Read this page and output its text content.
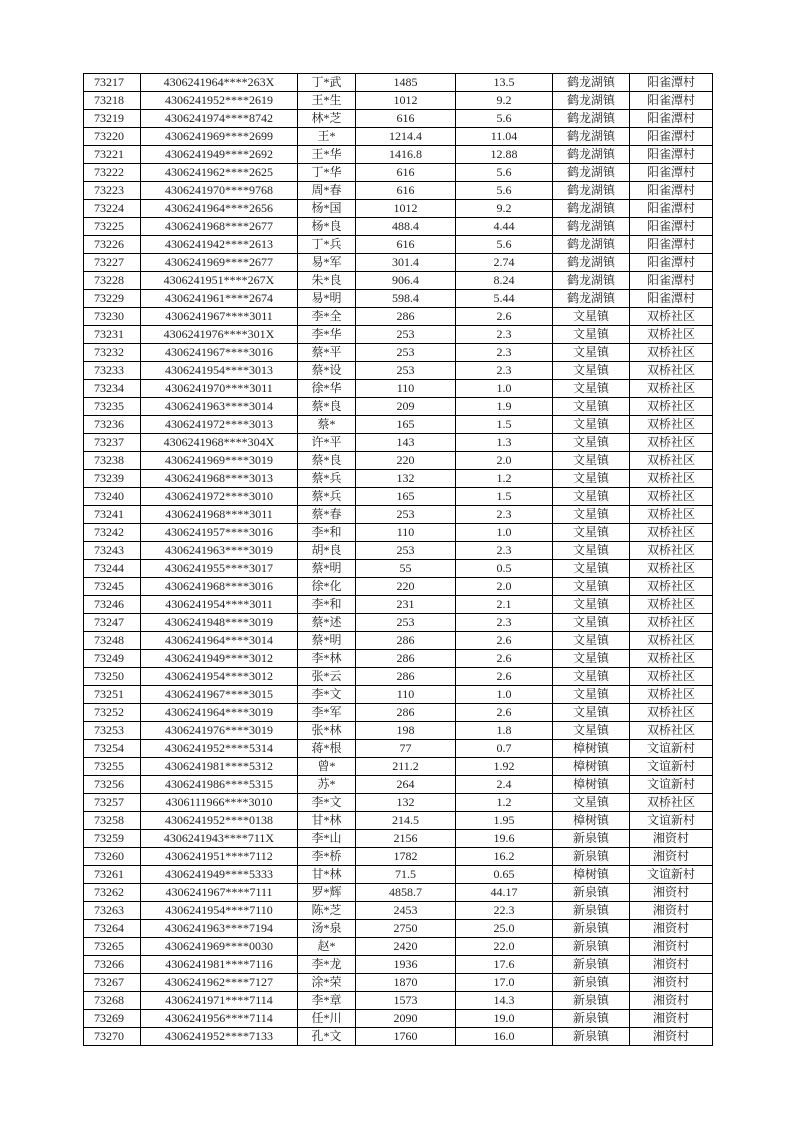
73217	4306241964****263X	丁*武	1485	13.5	鹤龙湖镇	阳雀潭村
73218	4306241952****2619	王*生	1012	9.2	鹤龙湖镇	阳雀潭村
73219	4306241974****8742	林*芝	616	5.6	鹤龙湖镇	阳雀潭村
73220	4306241969****2699	王*	1214.4	11.04	鹤龙湖镇	阳雀潭村
73221	4306241949****2692	王*华	1416.8	12.88	鹤龙湖镇	阳雀潭村
73222	4306241962****2625	丁*华	616	5.6	鹤龙湖镇	阳雀潭村
73223	4306241970****9768	周*春	616	5.6	鹤龙湖镇	阳雀潭村
73224	4306241964****2656	杨*国	1012	9.2	鹤龙湖镇	阳雀潭村
73225	4306241968****2677	杨*良	488.4	4.44	鹤龙湖镇	阳雀潭村
73226	4306241942****2613	丁*兵	616	5.6	鹤龙湖镇	阳雀潭村
73227	4306241969****2677	易*军	301.4	2.74	鹤龙湖镇	阳雀潭村
73228	4306241951****267X	朱*良	906.4	8.24	鹤龙湖镇	阳雀潭村
73229	4306241961****2674	易*明	598.4	5.44	鹤龙湖镇	阳雀潭村
73230	4306241967****3011	李*全	286	2.6	文星镇	双桥社区
73231	4306241976****301X	李*华	253	2.3	文星镇	双桥社区
73232	4306241967****3016	蔡*平	253	2.3	文星镇	双桥社区
73233	4306241954****3013	蔡*设	253	2.3	文星镇	双桥社区
73234	4306241970****3011	徐*华	110	1.0	文星镇	双桥社区
73235	4306241963****3014	蔡*良	209	1.9	文星镇	双桥社区
73236	4306241972****3013	蔡*	165	1.5	文星镇	双桥社区
73237	4306241968****304X	许*平	143	1.3	文星镇	双桥社区
73238	4306241969****3019	蔡*良	220	2.0	文星镇	双桥社区
73239	4306241968****3013	蔡*兵	132	1.2	文星镇	双桥社区
73240	4306241972****3010	蔡*兵	165	1.5	文星镇	双桥社区
73241	4306241968****3011	蔡*春	253	2.3	文星镇	双桥社区
73242	4306241957****3016	李*和	110	1.0	文星镇	双桥社区
73243	4306241963****3019	胡*良	253	2.3	文星镇	双桥社区
73244	4306241955****3017	蔡*明	55	0.5	文星镇	双桥社区
73245	4306241968****3016	徐*化	220	2.0	文星镇	双桥社区
73246	4306241954****3011	李*和	231	2.1	文星镇	双桥社区
73247	4306241948****3019	蔡*述	253	2.3	文星镇	双桥社区
73248	4306241964****3014	蔡*明	286	2.6	文星镇	双桥社区
73249	4306241949****3012	李*林	286	2.6	文星镇	双桥社区
73250	4306241954****3012	张*云	286	2.6	文星镇	双桥社区
73251	4306241967****3015	李*文	110	1.0	文星镇	双桥社区
73252	4306241964****3019	李*军	286	2.6	文星镇	双桥社区
73253	4306241976****3019	张*林	198	1.8	文星镇	双桥社区
73254	4306241952****5314	蒋*根	77	0.7	樟树镇	文谊新村
73255	4306241981****5312	曾*	211.2	1.92	樟树镇	文谊新村
73256	4306241986****5315	苏*	264	2.4	樟树镇	文谊新村
73257	4306111966****3010	李*文	132	1.2	文星镇	双桥社区
73258	4306241952****0138	甘*林	214.5	1.95	樟树镇	文谊新村
73259	4306241943****711X	李*山	2156	19.6	新泉镇	湘资村
73260	4306241951****7112	李*桥	1782	16.2	新泉镇	湘资村
73261	4306241949****5333	甘*林	71.5	0.65	樟树镇	文谊新村
73262	4306241967****7111	罗*辉	4858.7	44.17	新泉镇	湘资村
73263	4306241954****7110	陈*芝	2453	22.3	新泉镇	湘资村
73264	4306241963****7194	汤*泉	2750	25.0	新泉镇	湘资村
73265	4306241969****0030	赵*	2420	22.0	新泉镇	湘资村
73266	4306241981****7116	李*龙	1936	17.6	新泉镇	湘资村
73267	4306241962****7127	涂*荣	1870	17.0	新泉镇	湘资村
73268	4306241971****7114	李*章	1573	14.3	新泉镇	湘资村
73269	4306241956****7114	任*川	2090	19.0	新泉镇	湘资村
73270	4306241952****7133	孔*文	1760	16.0	新泉镇	湘资村
